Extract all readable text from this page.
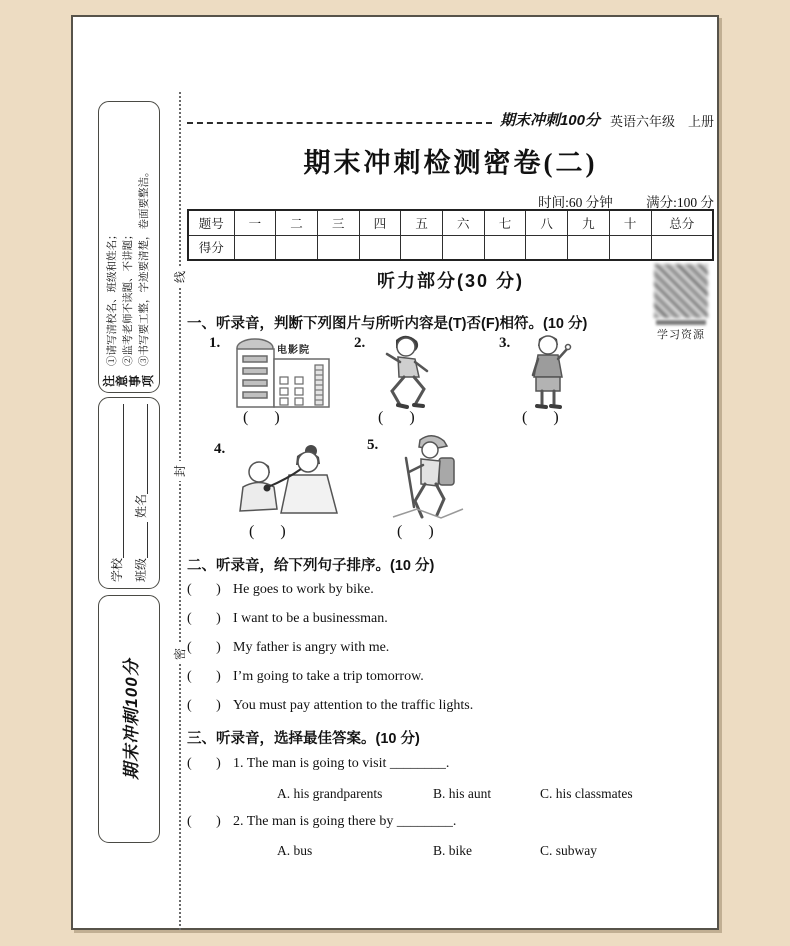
线
封
密
注意事项
①请写清校名、班级和姓名； ②监考老师不读题、不讲题； ③书写要工整，字迹要清楚，卷面要整洁。
学校 班级
姓名
期末冲刺100分
期末冲刺100分 英语六年级　上册
期末冲刺检测密卷(二)
时间:60 分钟 满分:100 分
题号	一	二	三	四	五	六	七	八	九	十	总分
得分											
听力部分(30 分)
学习资源
一、听录音，判断下列图片与所听内容是(T)否(F)相符。(10 分)
1.	电影院
(     )
2.
(     )
3.
(     )
4.
(     )
5.
(     )
二、听录音，给下列句子排序。(10 分)
(       ) He goes to work by bike.
(       ) I want to be a businessman.
(       ) My father is angry with me.
(       ) I’m going to take a trip tomorrow.
(       ) You must pay attention to the traffic lights.
三、听录音，选择最佳答案。(10 分)
(       ) 1. The man is going to visit ________.
A. his grandparents	B. his aunt	C. his classmates
(       ) 2. The man is going there by ________.
A. bus	B. bike	C. subway
